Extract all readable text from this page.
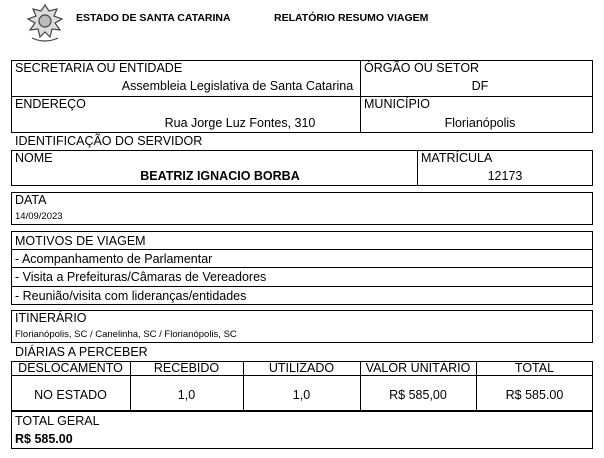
ESTADO DE SANTA CATARINA	RELATÓRIO RESUMO VIAGEM
SECRETARIA OU ENTIDADE
Assembleia Legislativa de Santa Catarina
ÓRGÃO OU SETOR
DF
ENDEREÇO
Rua Jorge Luz Fontes, 310
MUNICÍPIO
Florianópolis
IDENTIFICAÇÃO DO SERVIDOR
NOME
BEATRIZ IGNACIO BORBA
MATRÍCULA
12173
DATA
14/09/2023
MOTIVOS DE VIAGEM
- Acompanhamento de Parlamentar
- Visita a Prefeituras/Câmaras de Vereadores
- Reunião/visita com lideranças/entidades
ITINERÁRIO
Florianópolis, SC / Canelinha, SC / Florianópolis, SC
DIÁRIAS A PERCEBER
DESLOCAMENTO	RECEBIDO	UTILIZADO	VALOR UNITÁRIO	TOTAL
NO ESTADO	1,0	1,0	R$ 585,00	R$ 585.00
TOTAL GERAL
R$ 585.00
